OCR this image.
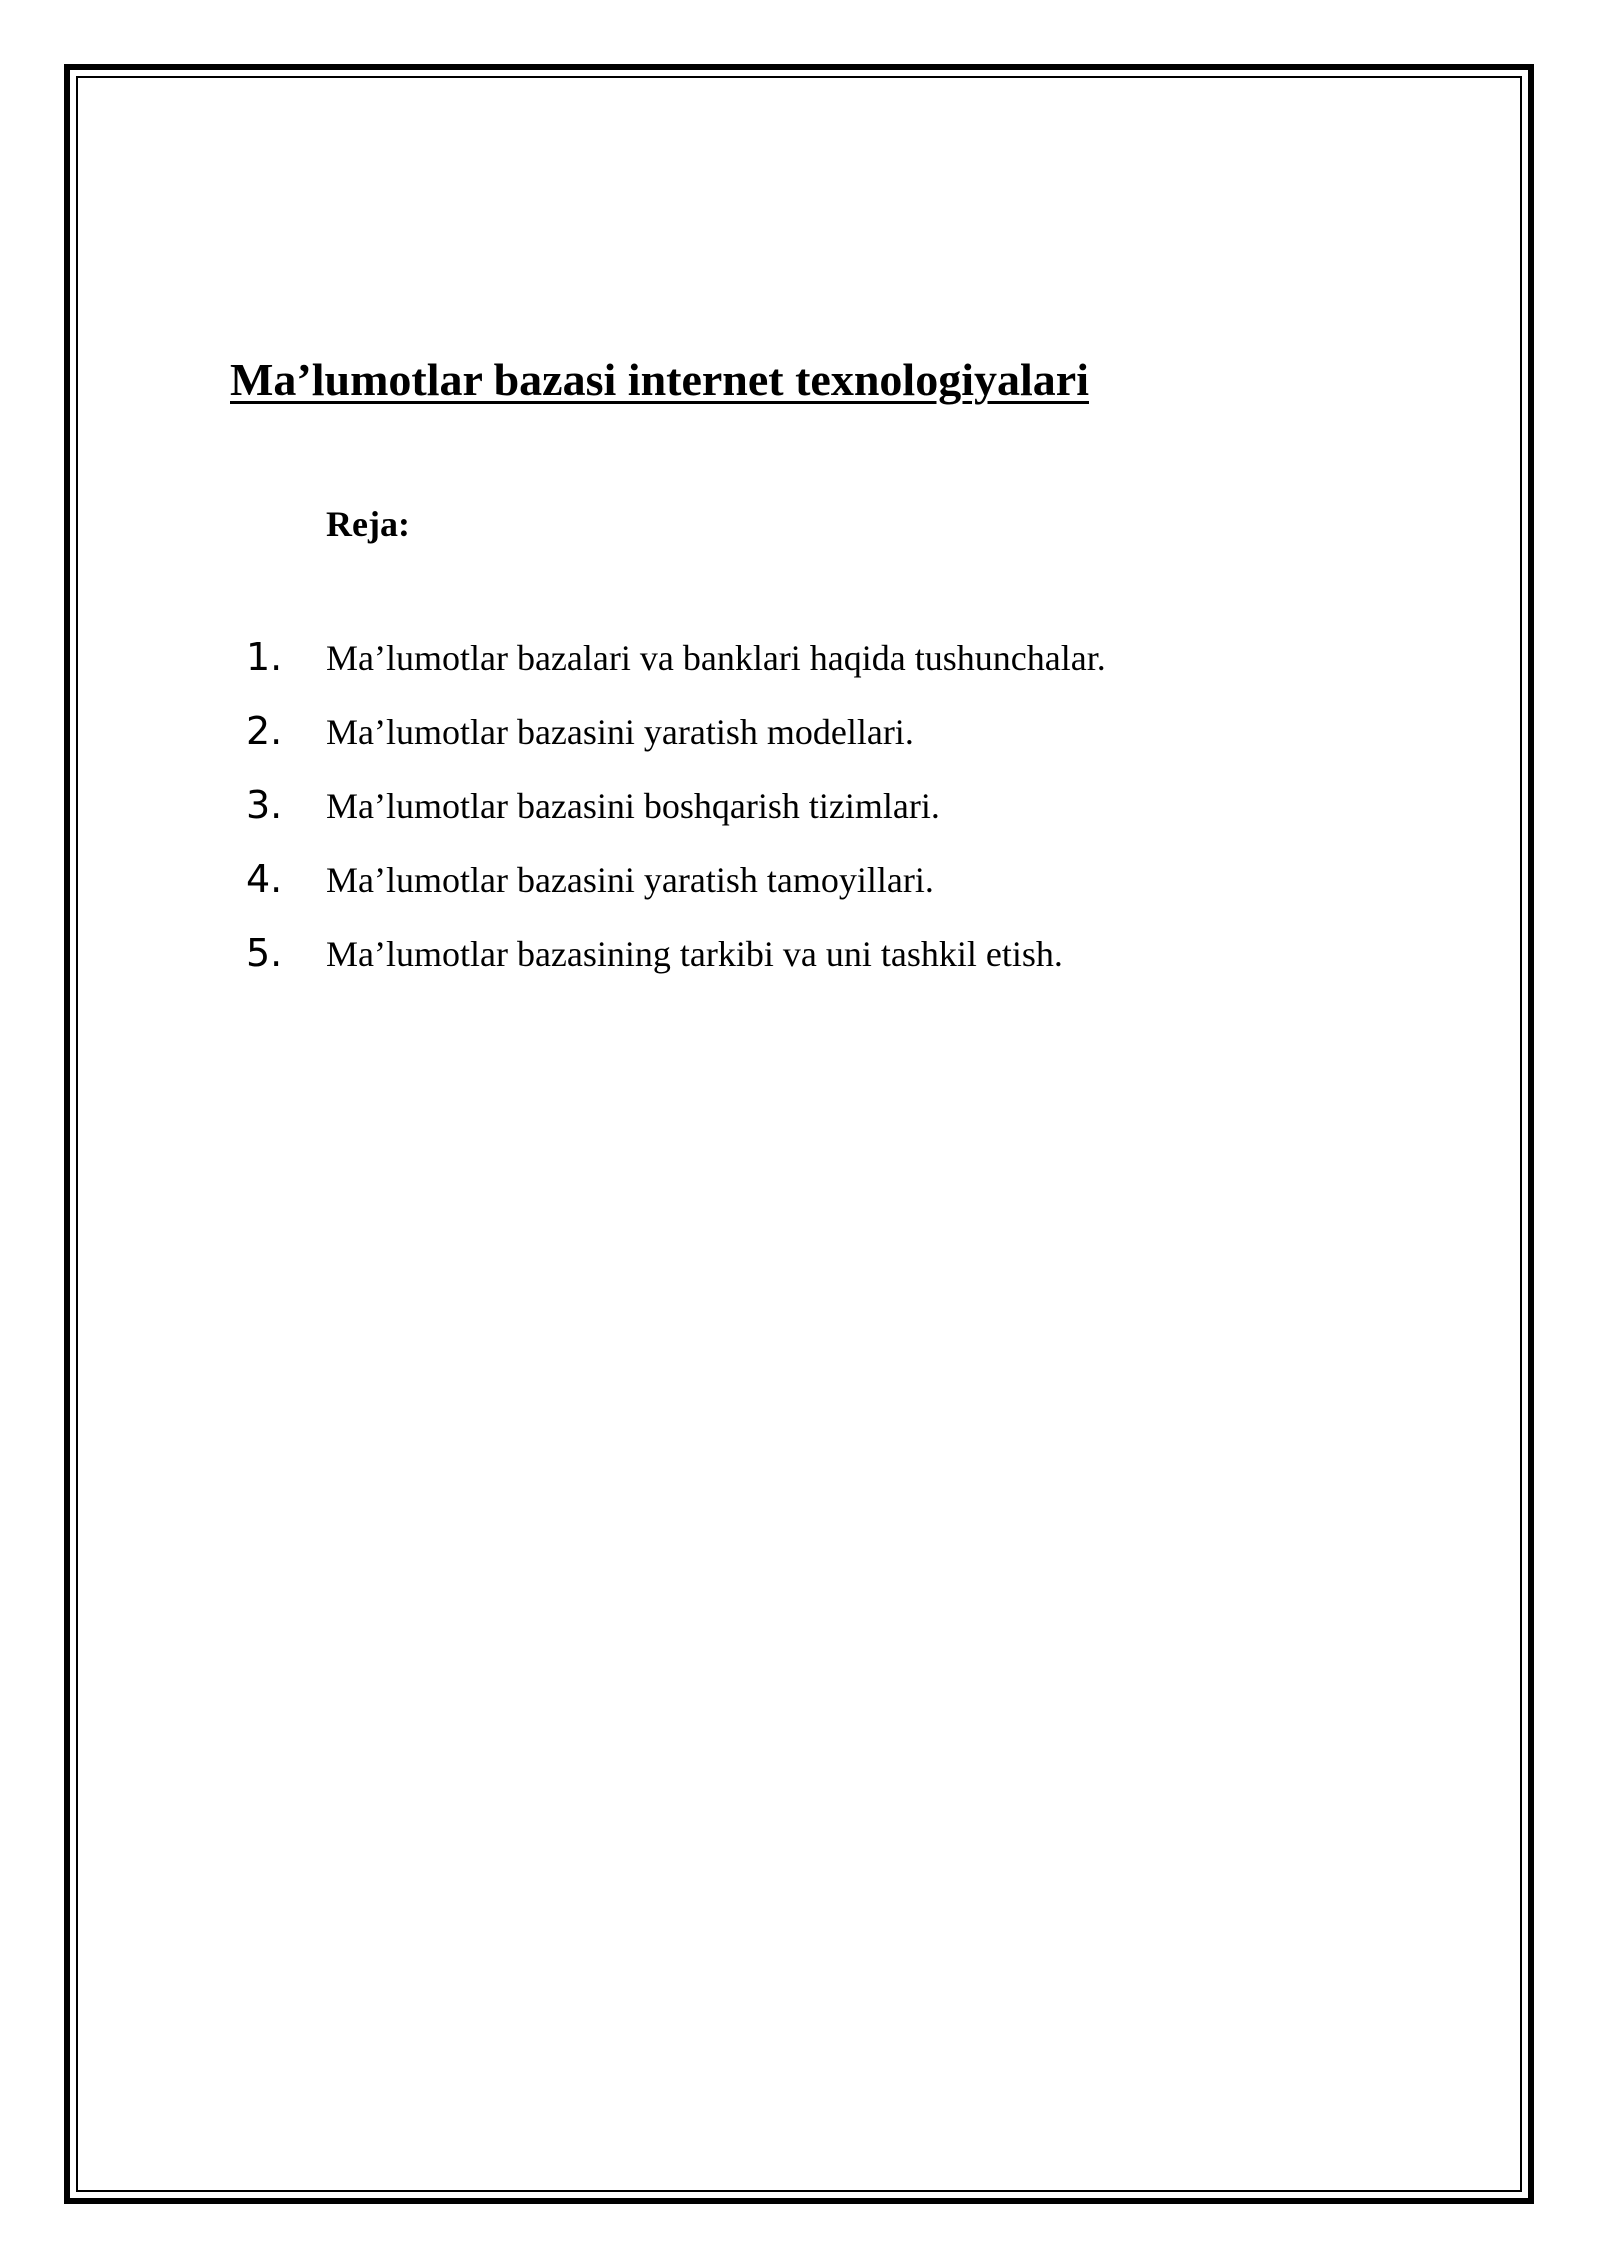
Ma’lumotlar bazasi internet texnologiyalari

Reja:

1.	Ma’lumotlar bazalari va banklari haqida tushunchalar.
2.	Ma’lumotlar bazasini yaratish modellari.
3.	Ma’lumotlar bazasini boshqarish tizimlari.
4.	Ma’lumotlar bazasini yaratish tamoyillari.
5.	Ma’lumotlar bazasining tarkibi va uni tashkil etish.
